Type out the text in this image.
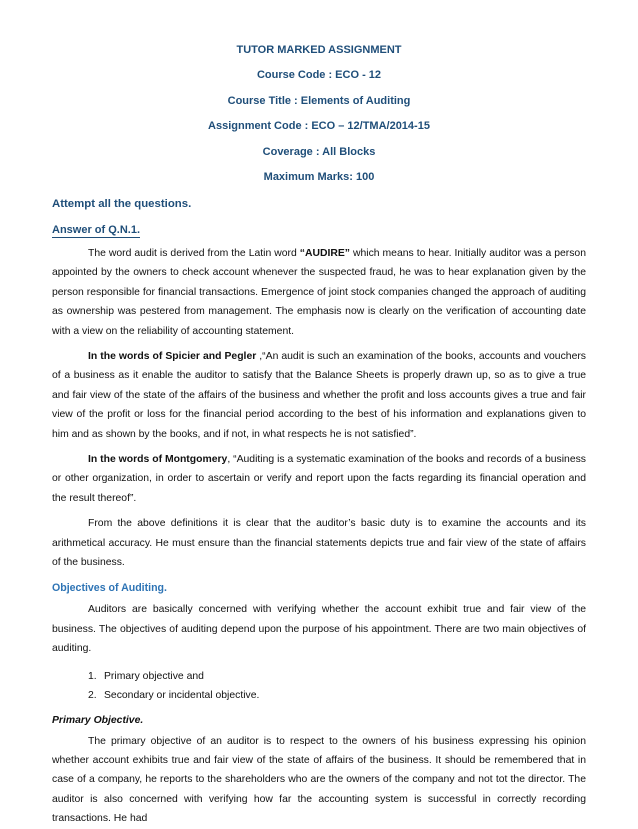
TUTOR MARKED ASSIGNMENT

Course Code : ECO - 12

Course Title : Elements of Auditing

Assignment Code : ECO – 12/TMA/2014-15

Coverage : All Blocks

Maximum Marks: 100

Attempt all the questions.

Answer of Q.N.1.

The word audit is derived from the Latin word “AUDIRE” which means to hear. Initially auditor was a person appointed by the owners to check account whenever the suspected fraud, he was to hear explanation given by the person responsible for financial transactions. Emergence of joint stock companies changed the approach of auditing as ownership was pestered from management. The emphasis now is clearly on the verification of accounting date with a view on the reliability of accounting statement.

In the words of Spicier and Pegler ,“An audit is such an examination of the books, accounts and vouchers of a business as it enable the auditor to satisfy that the Balance Sheets is properly drawn up, so as to give a true and fair view of the state of the affairs of the business and whether the profit and loss accounts gives a true and fair view of the profit or loss for the financial period according to the best of his information and explanations given to him and as shown by the books, and if not, in what respects he is not satisfied”.

In the words of Montgomery, “Auditing is a systematic examination of the books and records of a business or other organization, in order to ascertain or verify and report upon the facts regarding its financial operation and the result thereof”.

From the above definitions it is clear that the auditor’s basic duty is to examine the accounts and its arithmetical accuracy. He must ensure than the financial statements depicts true and fair view of the state of affairs of the business.

Objectives of Auditing.

Auditors are basically concerned with verifying whether the account exhibit true and fair view of the business. The objectives of auditing depend upon the purpose of his appointment. There are two main objectives of auditing.

1. Primary objective and
2. Secondary or incidental objective.

Primary Objective.

The primary objective of an auditor is to respect to the owners of his business expressing his opinion whether account exhibits true and fair view of the state of affairs of the business. It should be remembered that in case of a company, he reports to the shareholders who are the owners of the company and not tot the director. The auditor is also concerned with verifying how far the accounting system is successful in correctly recording transactions. He had
